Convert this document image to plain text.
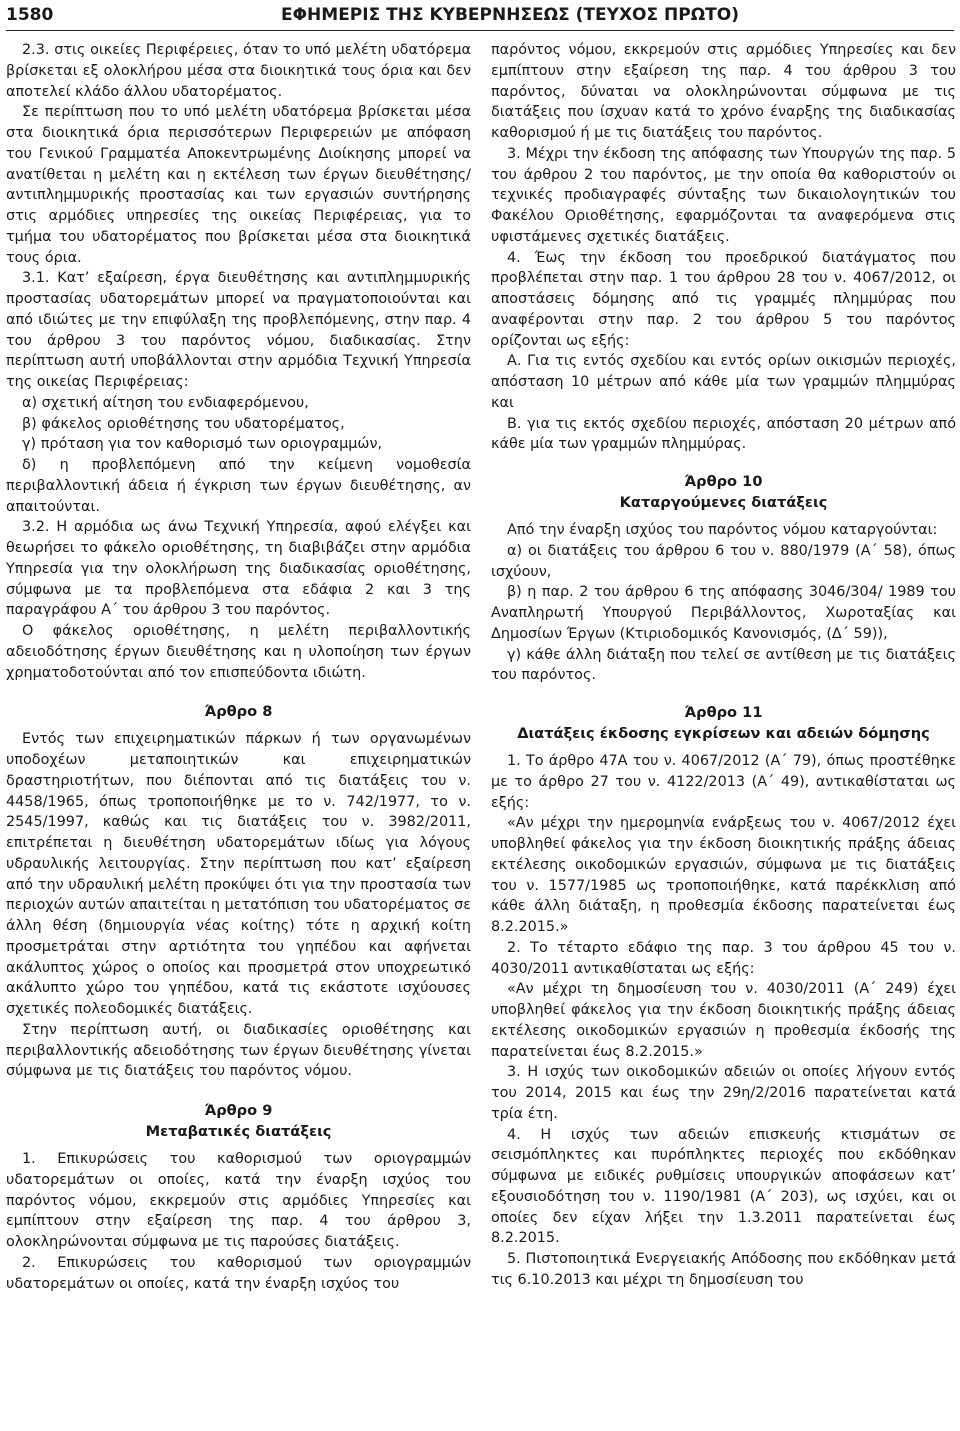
1580	ΕΦΗΜΕΡΙΣ ΤΗΣ ΚΥΒΕΡΝΗΣΕΩΣ (ΤΕΥΧΟΣ ΠΡΩΤΟ)

2.3. στις οικείες Περιφέρειες, όταν το υπό μελέτη υδατόρεμα βρίσκεται εξ ολοκλήρου μέσα στα διοικητικά τους όρια και δεν αποτελεί κλάδο άλλου υδατορέματος.

Σε περίπτωση που το υπό μελέτη υδατόρεμα βρίσκεται μέσα στα διοικητικά όρια περισσότερων Περιφερειών με απόφαση του Γενικού Γραμματέα Αποκεντρωμένης Διοίκησης μπορεί να ανατίθεται η μελέτη και η εκτέλεση των έργων διευθέτησης/αντιπλημμυρικής προστασίας και των εργασιών συντήρησης στις αρμόδιες υπηρεσίες της οικείας Περιφέρειας, για το τμήμα του υδατορέματος που βρίσκεται μέσα στα διοικητικά τους όρια.

3.1. Κατ’ εξαίρεση, έργα διευθέτησης και αντιπλημμυρικής προστασίας υδατορεμάτων μπορεί να πραγματοποιούνται και από ιδιώτες με την επιφύλαξη της προβλεπόμενης, στην παρ. 4 του άρθρου 3 του παρόντος νόμου, διαδικασίας. Στην περίπτωση αυτή υποβάλλονται στην αρμόδια Τεχνική Υπηρεσία της οικείας Περιφέρειας:

α) σχετική αίτηση του ενδιαφερόμενου,

β) φάκελος οριοθέτησης του υδατορέματος,

γ) πρόταση για τον καθορισμό των οριογραμμών,

δ) η προβλεπόμενη από την κείμενη νομοθεσία περιβαλλοντική άδεια ή έγκριση των έργων διευθέτησης, αν απαιτούνται.

3.2. Η αρμόδια ως άνω Τεχνική Υπηρεσία, αφού ελέγξει και θεωρήσει το φάκελο οριοθέτησης, τη διαβιβάζει στην αρμόδια Υπηρεσία για την ολοκλήρωση της διαδικασίας οριοθέτησης, σύμφωνα με τα προβλεπόμενα στα εδάφια 2 και 3 της παραγράφου Α΄ του άρθρου 3 του παρόντος.

Ο φάκελος οριοθέτησης, η μελέτη περιβαλλοντικής αδειοδότησης έργων διευθέτησης και η υλοποίηση των έργων χρηματοδοτούνται από τον επισπεύδοντα ιδιώτη.

Άρθρο 8

Εντός των επιχειρηματικών πάρκων ή των οργανωμένων υποδοχέων μεταποιητικών και επιχειρηματικών δραστηριοτήτων, που διέπονται από τις διατάξεις του ν. 4458/1965, όπως τροποποιήθηκε με το ν. 742/1977, το ν. 2545/1997, καθώς και τις διατάξεις του ν. 3982/2011, επιτρέπεται η διευθέτηση υδατορεμάτων ιδίως για λόγους υδραυλικής λειτουργίας. Στην περίπτωση που κατ’ εξαίρεση από την υδραυλική μελέτη προκύψει ότι για την προστασία των περιοχών αυτών απαιτείται η μετατόπιση του υδατορέματος σε άλλη θέση (δημιουργία νέας κοίτης) τότε η αρχική κοίτη προσμετράται στην αρτιότητα του γηπέδου και αφήνεται ακάλυπτος χώρος ο οποίος και προσμετρά στον υποχρεωτικό ακάλυπτο χώρο του γηπέδου, κατά τις εκάστοτε ισχύουσες σχετικές πολεοδομικές διατάξεις.

Στην περίπτωση αυτή, οι διαδικασίες οριοθέτησης και περιβαλλοντικής αδειοδότησης των έργων διευθέτησης γίνεται σύμφωνα με τις διατάξεις του παρόντος νόμου.

Άρθρο 9
Μεταβατικές διατάξεις

1. Επικυρώσεις του καθορισμού των οριογραμμών υδατορεμάτων οι οποίες, κατά την έναρξη ισχύος του παρόντος νόμου, εκκρεμούν στις αρμόδιες Υπηρεσίες και εμπίπτουν στην εξαίρεση της παρ. 4 του άρθρου 3, ολοκληρώνονται σύμφωνα με τις παρούσες διατάξεις.

2. Επικυρώσεις του καθορισμού των οριογραμμών υδατορεμάτων οι οποίες, κατά την έναρξη ισχύος του

παρόντος νόμου, εκκρεμούν στις αρμόδιες Υπηρεσίες και δεν εμπίπτουν στην εξαίρεση της παρ. 4 του άρθρου 3 του παρόντος, δύναται να ολοκληρώνονται σύμφωνα με τις διατάξεις που ίσχυαν κατά το χρόνο έναρξης της διαδικασίας καθορισμού ή με τις διατάξεις του παρόντος.

3. Μέχρι την έκδοση της απόφασης των Υπουργών της παρ. 5 του άρθρου 2 του παρόντος, με την οποία θα καθοριστούν οι τεχνικές προδιαγραφές σύνταξης των δικαιολογητικών του Φακέλου Οριοθέτησης, εφαρμόζονται τα αναφερόμενα στις υφιστάμενες σχετικές διατάξεις.

4. Έως την έκδοση του προεδρικού διατάγματος που προβλέπεται στην παρ. 1 του άρθρου 28 του ν. 4067/2012, οι αποστάσεις δόμησης από τις γραμμές πλημμύρας που αναφέρονται στην παρ. 2 του άρθρου 5 του παρόντος ορίζονται ως εξής:

Α. Για τις εντός σχεδίου και εντός ορίων οικισμών περιοχές, απόσταση 10 μέτρων από κάθε μία των γραμμών πλημμύρας και

Β. για τις εκτός σχεδίου περιοχές, απόσταση 20 μέτρων από κάθε μία των γραμμών πλημμύρας.

Άρθρο 10
Καταργούμενες διατάξεις

Από την έναρξη ισχύος του παρόντος νόμου καταργούνται:

α) οι διατάξεις του άρθρου 6 του ν. 880/1979 (Α΄ 58), όπως ισχύουν,

β) η παρ. 2 του άρθρου 6 της απόφασης 3046/304/ 1989 του Αναπληρωτή Υπουργού Περιβάλλοντος, Χωροταξίας και Δημοσίων Έργων (Κτιριοδομικός Κανονισμός, (Δ΄ 59)),

γ) κάθε άλλη διάταξη που τελεί σε αντίθεση με τις διατάξεις του παρόντος.

Άρθρο 11
Διατάξεις έκδοσης εγκρίσεων και αδειών δόμησης

1. Το άρθρο 47Α του ν. 4067/2012 (Α΄ 79), όπως προστέθηκε με το άρθρο 27 του ν. 4122/2013 (Α΄ 49), αντικαθίσταται ως εξής:

«Αν μέχρι την ημερομηνία ενάρξεως του ν. 4067/2012 έχει υποβληθεί φάκελος για την έκδοση διοικητικής πράξης άδειας εκτέλεσης οικοδομικών εργασιών, σύμφωνα με τις διατάξεις του ν. 1577/1985 ως τροποποιήθηκε, κατά παρέκκλιση από κάθε άλλη διάταξη, η προθεσμία έκδοσης παρατείνεται έως 8.2.2015.»

2. Το τέταρτο εδάφιο της παρ. 3 του άρθρου 45 του ν. 4030/2011 αντικαθίσταται ως εξής:

«Αν μέχρι τη δημοσίευση του ν. 4030/2011 (Α΄ 249) έχει υποβληθεί φάκελος για την έκδοση διοικητικής πράξης άδειας εκτέλεσης οικοδομικών εργασιών η προθεσμία έκδοσής της παρατείνεται έως 8.2.2015.»

3. Η ισχύς των οικοδομικών αδειών οι οποίες λήγουν εντός του 2014, 2015 και έως την 29η/2/2016 παρατείνεται κατά τρία έτη.

4. Η ισχύς των αδειών επισκευής κτισμάτων σε σεισμόπληκτες και πυρόπληκτες περιοχές που εκδόθηκαν σύμφωνα με ειδικές ρυθμίσεις υπουργικών αποφάσεων κατ’ εξουσιοδότηση του ν. 1190/1981 (Α΄ 203), ως ισχύει, και οι οποίες δεν είχαν λήξει την 1.3.2011 παρατείνεται έως 8.2.2015.

5. Πιστοποιητικά Ενεργειακής Απόδοσης που εκδόθηκαν μετά τις 6.10.2013 και μέχρι τη δημοσίευση του
